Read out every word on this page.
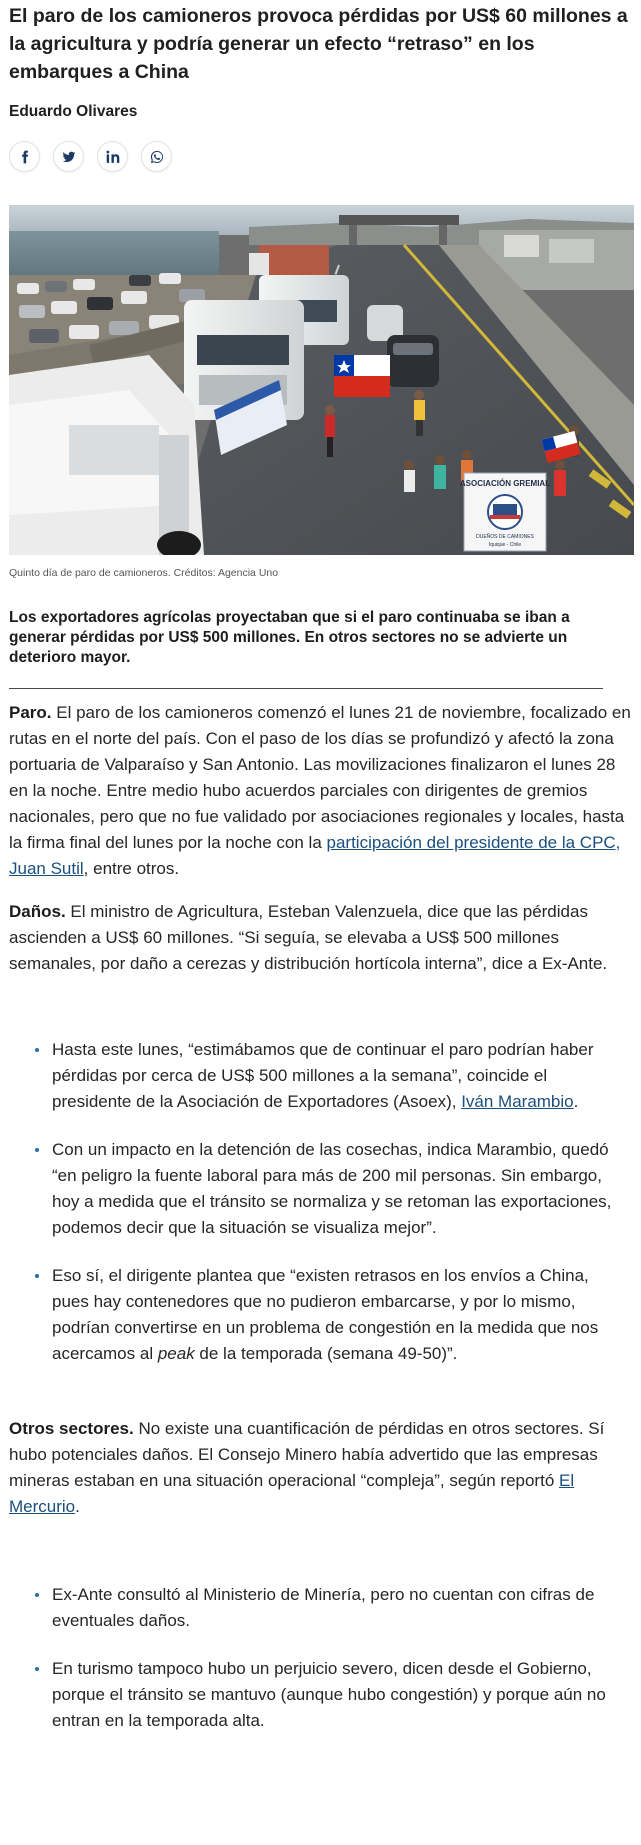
El paro de los camioneros provoca pérdidas por US$ 60 millones a la agricultura y podría generar un efecto “retraso” en los embarques a China
Eduardo Olivares
ASOCIACIÓN GREMIAL
DUEÑOS DE CAMIONES
Iquique - Chile
Quinto día de paro de camioneros. Créditos: Agencia Uno
Los exportadores agrícolas proyectaban que si el paro continuaba se iban a generar pérdidas por US$ 500 millones. En otros sectores no se advierte un deterioro mayor.

Paro. El paro de los camioneros comenzó el lunes 21 de noviembre, focalizado en rutas en el norte del país. Con el paso de los días se profundizó y afectó la zona portuaria de Valparaíso y San Antonio. Las movilizaciones finalizaron el lunes 28 en la noche. Entre medio hubo acuerdos parciales con dirigentes de gremios nacionales, pero que no fue validado por asociaciones regionales y locales, hasta la firma final del lunes por la noche con la participación del presidente de la CPC, Juan Sutil, entre otros.

Daños. El ministro de Agricultura, Esteban Valenzuela, dice que las pérdidas ascienden a US$ 60 millones. “Si seguía, se elevaba a US$ 500 millones semanales, por daño a cerezas y distribución hortícola interna”, dice a Ex-Ante.

Hasta este lunes, “estimábamos que de continuar el paro podrían haber pérdidas por cerca de US$ 500 millones a la semana”, coincide el presidente de la Asociación de Exportadores (Asoex), Iván Marambio.
Con un impacto en la detención de las cosechas, indica Marambio, quedó “en peligro la fuente laboral para más de 200 mil personas. Sin embargo, hoy a medida que el tránsito se normaliza y se retoman las exportaciones, podemos decir que la situación se visualiza mejor”.
Eso sí, el dirigente plantea que “existen retrasos en los envíos a China, pues hay contenedores que no pudieron embarcarse, y por lo mismo, podrían convertirse en un problema de congestión en la medida que nos acercamos al peak de la temporada (semana 49-50)”.

Otros sectores. No existe una cuantificación de pérdidas en otros sectores. Sí hubo potenciales daños. El Consejo Minero había advertido que las empresas mineras estaban en una situación operacional “compleja”, según reportó El Mercurio.

Ex-Ante consultó al Ministerio de Minería, pero no cuentan con cifras de eventuales daños.
En turismo tampoco hubo un perjuicio severo, dicen desde el Gobierno, porque el tránsito se mantuvo (aunque hubo congestión) y porque aún no entran en la temporada alta.
